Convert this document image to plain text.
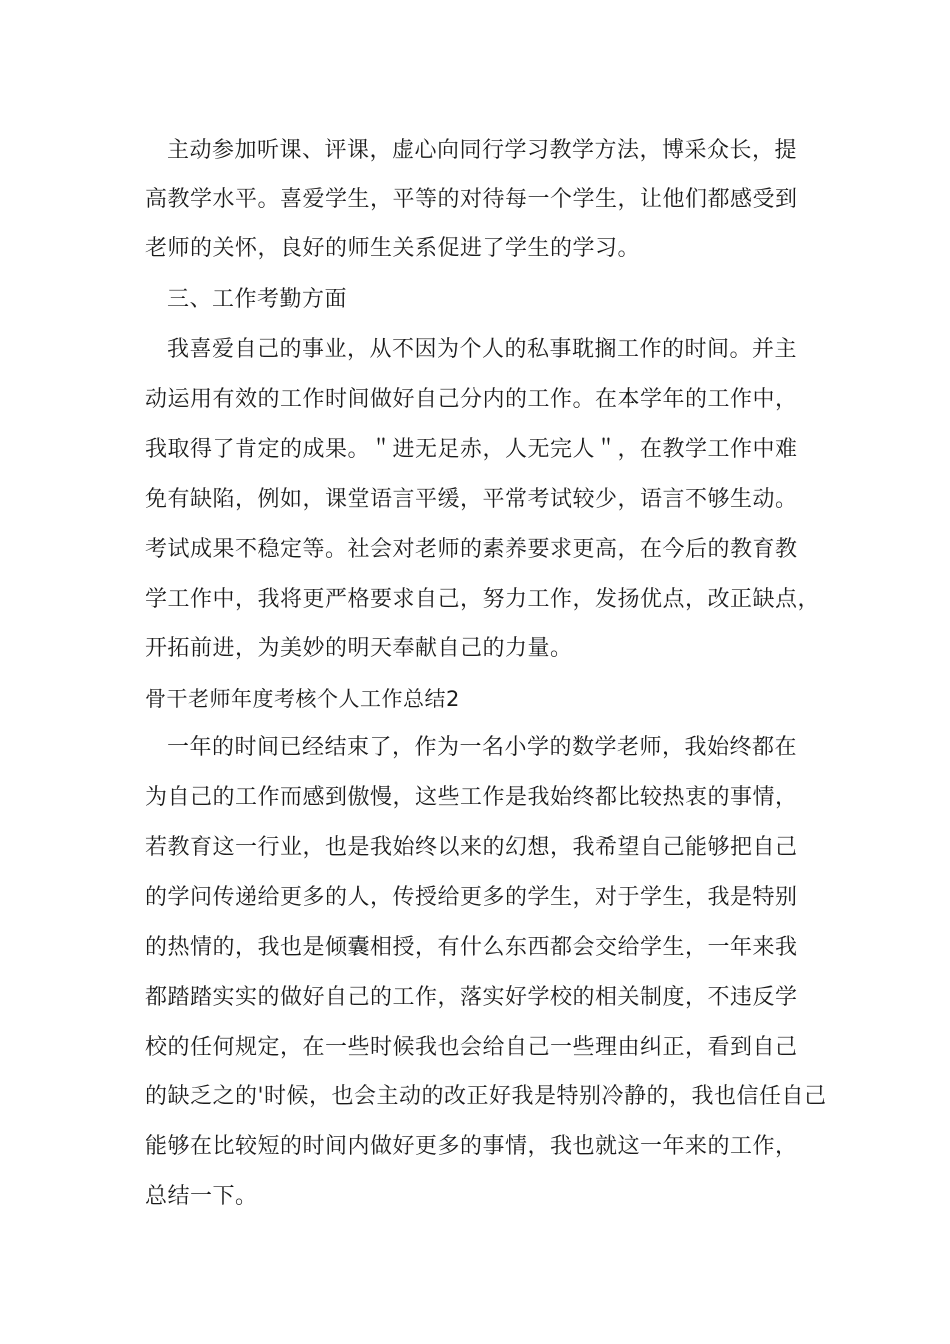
主动参加听课、评课，虚心向同行学习教学方法，博采众长，提
高教学水平。喜爱学生，平等的对待每一个学生，让他们都感受到
老师的关怀，良好的师生关系促进了学生的学习。
三、工作考勤方面
我喜爱自己的事业，从不因为个人的私事耽搁工作的时间。并主
动运用有效的工作时间做好自己分内的工作。在本学年的工作中，
我取得了肯定的成果。＂进无足赤，人无完人＂，在教学工作中难
免有缺陷，例如，课堂语言平缓，平常考试较少，语言不够生动。
考试成果不稳定等。社会对老师的素养要求更高，在今后的教育教
学工作中，我将更严格要求自己，努力工作，发扬优点，改正缺点，
开拓前进，为美妙的明天奉献自己的力量。
骨干老师年度考核个人工作总结2
一年的时间已经结束了，作为一名小学的数学老师，我始终都在
为自己的工作而感到傲慢，这些工作是我始终都比较热衷的事情，
若教育这一行业，也是我始终以来的幻想，我希望自己能够把自己
的学问传递给更多的人，传授给更多的学生，对于学生，我是特别
的热情的，我也是倾囊相授，有什么东西都会交给学生，一年来我
都踏踏实实的做好自己的工作，落实好学校的相关制度，不违反学
校的任何规定，在一些时候我也会给自己一些理由纠正，看到自己
的缺乏之的'时候，也会主动的改正好我是特别冷静的，我也信任自己
能够在比较短的时间内做好更多的事情，我也就这一年来的工作，
总结一下。
